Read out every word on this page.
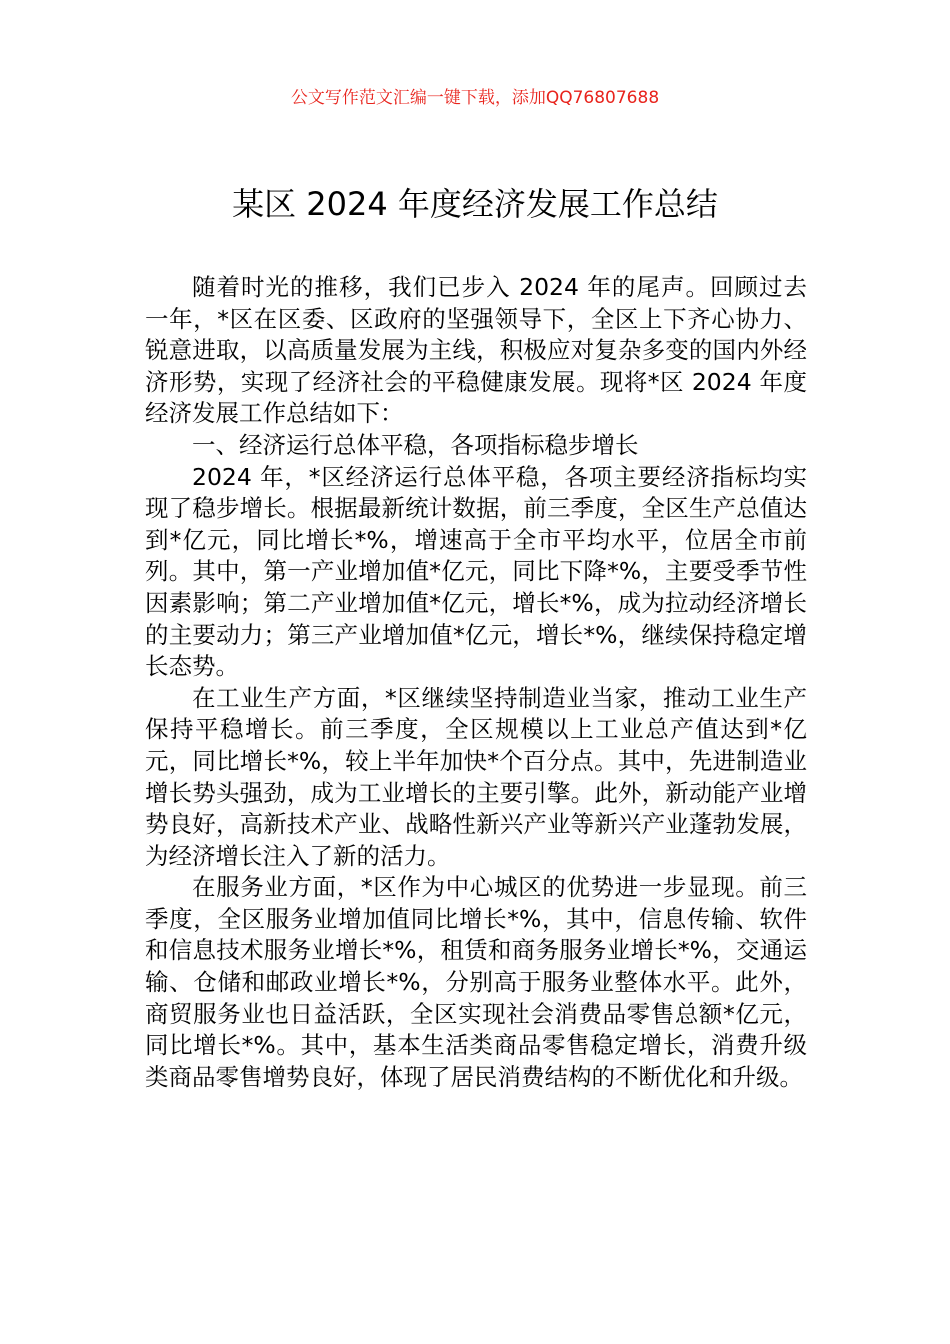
公文写作范文汇编一键下载，添加QQ76807688
某区 2024 年度经济发展工作总结

随着时光的推移，我们已步入 2024 年的尾声。回顾过去一年，*区在区委、区政府的坚强领导下，全区上下齐心协力、锐意进取，以高质量发展为主线，积极应对复杂多变的国内外经济形势，实现了经济社会的平稳健康发展。现将*区 2024 年度经济发展工作总结如下：

一、经济运行总体平稳，各项指标稳步增长

2024 年，*区经济运行总体平稳，各项主要经济指标均实现了稳步增长。根据最新统计数据，前三季度，全区生产总值达到*亿元，同比增长*%，增速高于全市平均水平，位居全市前列。其中，第一产业增加值*亿元，同比下降*%，主要受季节性因素影响；第二产业增加值*亿元，增长*%，成为拉动经济增长的主要动力；第三产业增加值*亿元，增长*%，继续保持稳定增长态势。

在工业生产方面，*区继续坚持制造业当家，推动工业生产保持平稳增长。前三季度，全区规模以上工业总产值达到*亿元，同比增长*%，较上半年加快*个百分点。其中，先进制造业增长势头强劲，成为工业增长的主要引擎。此外，新动能产业增势良好，高新技术产业、战略性新兴产业等新兴产业蓬勃发展，为经济增长注入了新的活力。

在服务业方面，*区作为中心城区的优势进一步显现。前三季度，全区服务业增加值同比增长*%，其中，信息传输、软件和信息技术服务业增长*%，租赁和商务服务业增长*%，交通运输、仓储和邮政业增长*%，分别高于服务业整体水平。此外，商贸服务业也日益活跃，全区实现社会消费品零售总额*亿元，同比增长*%。其中，基本生活类商品零售稳定增长，消费升级类商品零售增势良好，体现了居民消费结构的不断优化和升级。
